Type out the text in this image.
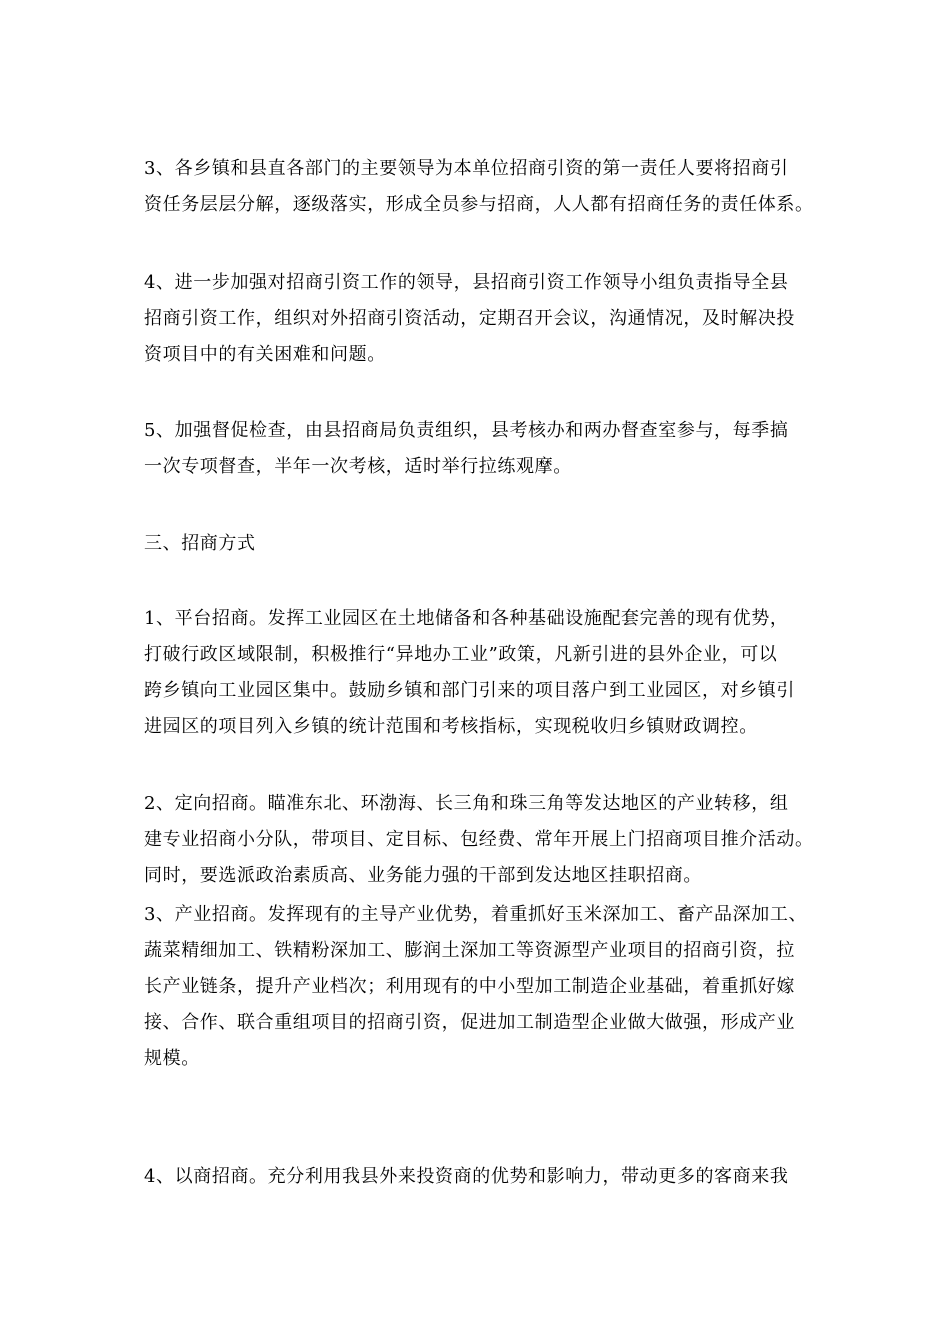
3、各乡镇和县直各部门的主要领导为本单位招商引资的第一责任人要将招商引
资任务层层分解，逐级落实，形成全员参与招商，人人都有招商任务的责任体系。

4、进一步加强对招商引资工作的领导，县招商引资工作领导小组负责指导全县
招商引资工作，组织对外招商引资活动，定期召开会议，沟通情况，及时解决投
资项目中的有关困难和问题。

5、加强督促检查，由县招商局负责组织，县考核办和两办督查室参与，每季搞
一次专项督查，半年一次考核，适时举行拉练观摩。

三、招商方式

1、平台招商。发挥工业园区在土地储备和各种基础设施配套完善的现有优势，
打破行政区域限制，积极推行“异地办工业”政策，凡新引进的县外企业，可以
跨乡镇向工业园区集中。鼓励乡镇和部门引来的项目落户到工业园区，对乡镇引
进园区的项目列入乡镇的统计范围和考核指标，实现税收归乡镇财政调控。

2、定向招商。瞄准东北、环渤海、长三角和珠三角等发达地区的产业转移，组
建专业招商小分队，带项目、定目标、包经费、常年开展上门招商项目推介活动。
同时，要选派政治素质高、业务能力强的干部到发达地区挂职招商。

3、产业招商。发挥现有的主导产业优势，着重抓好玉米深加工、畜产品深加工、
蔬菜精细加工、铁精粉深加工、膨润土深加工等资源型产业项目的招商引资，拉
长产业链条，提升产业档次；利用现有的中小型加工制造企业基础，着重抓好嫁
接、合作、联合重组项目的招商引资，促进加工制造型企业做大做强，形成产业
规模。

4、以商招商。充分利用我县外来投资商的优势和影响力，带动更多的客商来我
